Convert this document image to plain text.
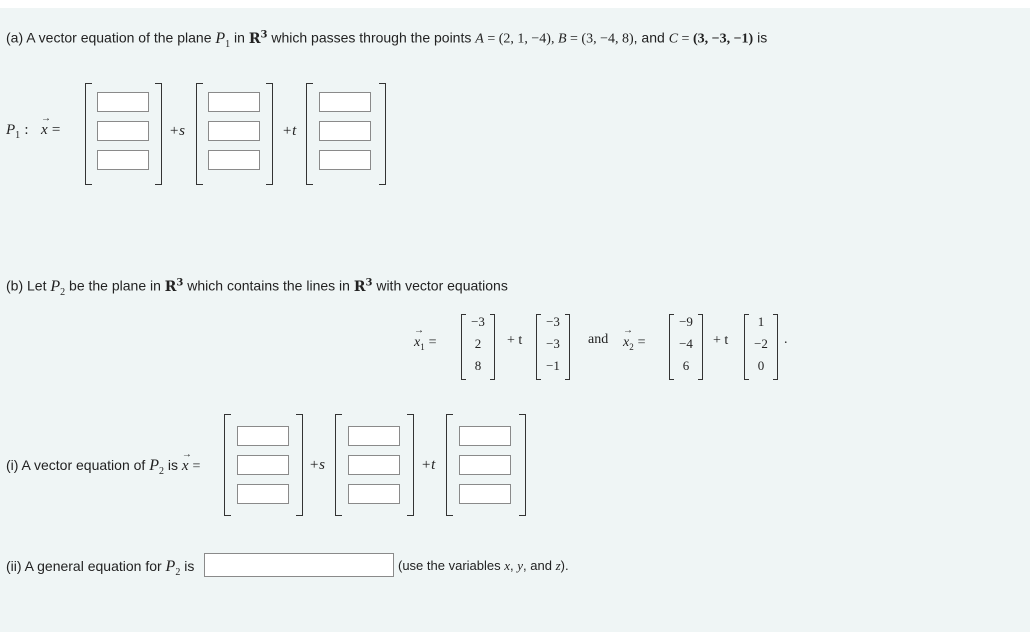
(a) A vector equation of the plane $P_1$ in $R^3$ which passes through the points A = (2, 1, −4), B = (3, −4, 8), and C = (3, −3, −1) is
$P_1$ : x
→
=	+s	+t
(b) Let $P_2$ be the plane in $R^3$ which contains the lines in $R^3$ with vector equations
x
→
$_1$ =
−3
2
8
+ t
−3
−3
−1
and x
→
$_2$ =
−9
−4
6
+ t
1
−2
0
.
(i) A vector equation of $P_2$ is x
→
=	+s	+t
(ii) A general equation for $P_2$ is	(use the variables x, y, and z).
